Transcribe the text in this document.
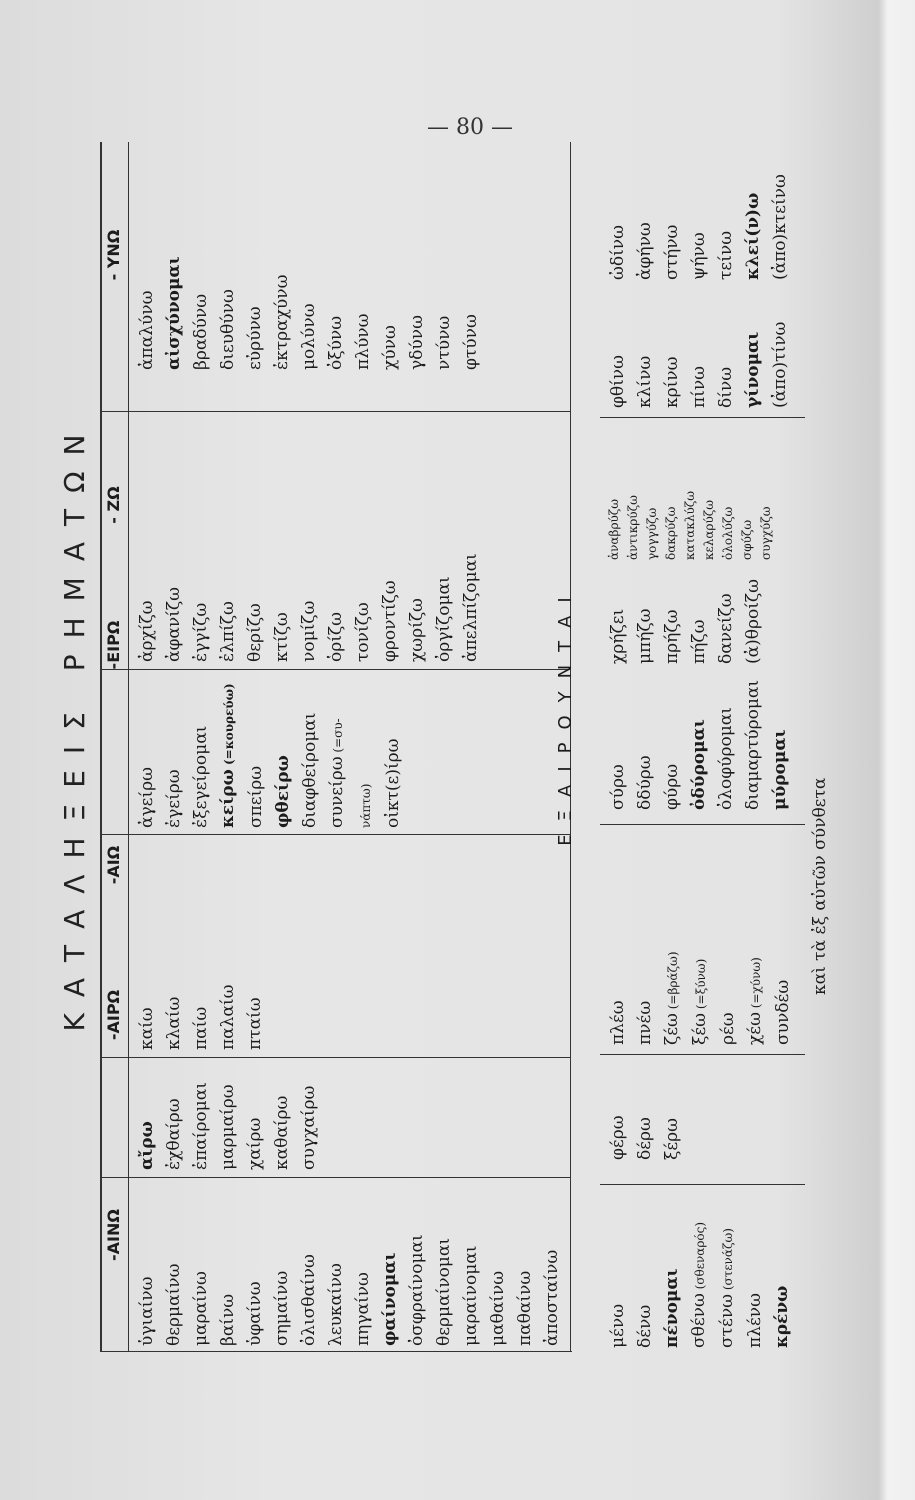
— 80 —
ΚΑΤΑΛΗΞΕΙΣ ΡΗΜΑΤΩΝ
-ΑΙΝΩ
-ΑΙΡΩ
-ΑΙΩ
-ΕΙΡΩ
- ΖΩ
- ΥΝΩ
ὑγιαίνω θερμαίνω μαραίνω βαίνω ὑφαίνω σημαίνω ὀλισθαίνω λευκαίνω πηγαίνω φαίνομαι ὀσφραίνομαι θερμαίνομαι μαραίνομαι μαθαίνω παθαίνω ἀποσταίνω
αἴρω ἐχθαίρω ἐπαίρομαι μαρμαίρω χαίρω καθαίρω συγχαίρω
καίω κλαίω παίω παλαίω πταίω
ἀγείρω ἐγείρω ἐξεγείρομαι κείρω (=κουρεύω)
σπείρω φθείρω διαφθείρομαι συνείρω (=συ-
νάπτω) οἰκτ(ε)ίρω
ἀρχίζω ἀφανίζω ἐγγίζω ἐλπίζω θερίζω κτίζω νομίζω ὁρίζω τονίζω φροντίζω χωρίζω ὀργίζομαι ἀπελπίζομαι
ἀπαλύνω αἰσχύνομαι βραδύνω διευθύνω εὐρύνω ἐκτραχύνω μολύνω ὀξύνω πλύνω χύνω γδύνω ντύνω φτύνω
ΕΞΑΙΡΟΥΝΤΑΙ
μένω δένω πένομαι σθένω (σθεναρός)
στένω (στενάζω)
πλένω κρένω
φέρω δέρω ξέρω
πλέω πνέω ζέω (=βράζω)
ξέω (=ξύνω)
ρέω χέω (=χύνω) συνδέω
σύρω δδύρω φύρω ὀδύρομαι ὀλοφύρομαι διαμαρτύρομαι μύρομαι
χρήζει μπήζω πρήζω πήζω δανείζω (ἀ)θροίζω
ἀναβρύζω ἀντικρύζω γογγύζω δακρύζω κατακλύζω κελαρύζω ὀλολύζω σφύζω συγχύζω
φθίνω κλίνω κρίνω πίνω δίνω γίνομαι (ἀπο)τίνω
ὠδίνω ἀφήνω στήνω ψήνω τείνω κλεί(ν)ω (ἀπο)κτείνω
καὶ τὰ ἐξ αὐτῶν σύνθετα
